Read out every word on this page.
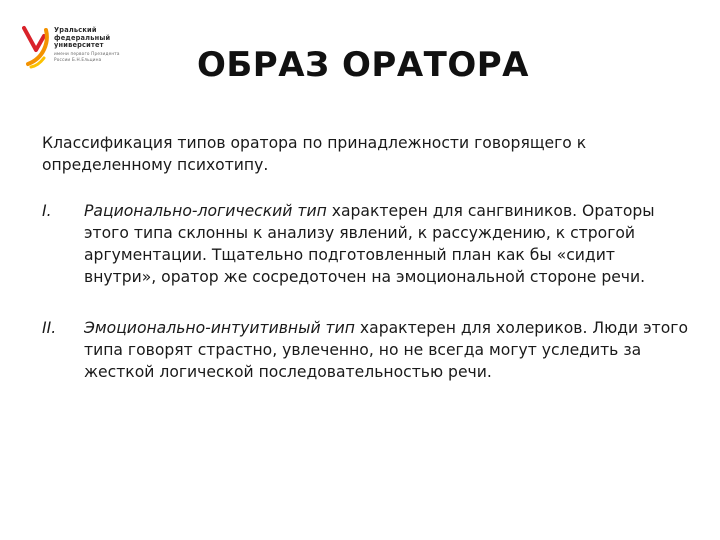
Уральский
федеральный
университет
имени первого Президента
России Б.Н.Ельцина	ОБРАЗ ОРАТОРА

Классификация типов оратора по принадлежности говорящего к определенному психотипу.

I.	Рационально-логический тип характерен для сангвиников. Ораторы этого типа склонны к анализу явлений, к рассуждению, к строгой аргументации. Тщательно подготовленный план как бы «сидит внутри», оратор же сосредоточен на эмоциональной стороне речи.
II.	Эмоционально-интуитивный тип характерен для холериков. Люди этого типа говорят страстно, увлеченно, но не всегда могут уследить за жесткой логической последовательностью речи.
